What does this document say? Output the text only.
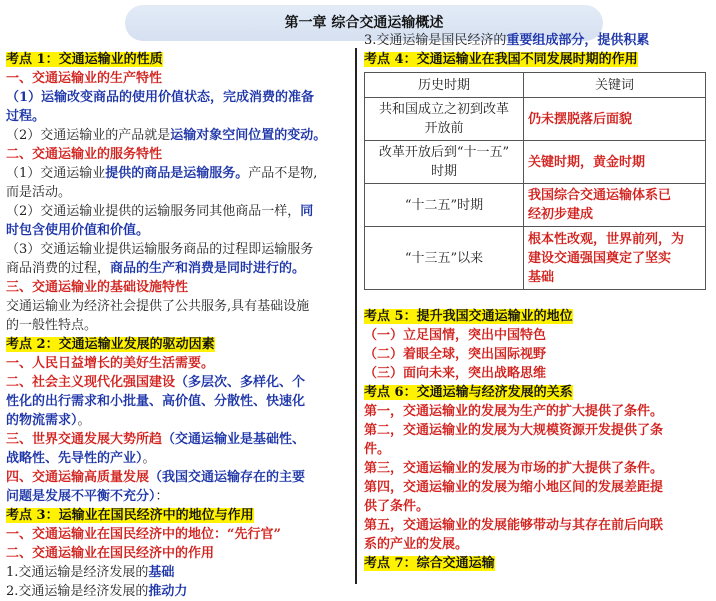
第一章 综合交通运输概述

考点 1：交通运输业的性质

一、交通运输业的生产特性

（1）运输改变商品的使用价值状态，完成消费的准备

过程。

（2）交通运输业的产品就是运输对象空间位置的变动。

二、交通运输业的服务特性

（1）交通运输业提供的商品是运输服务。产品不是物,

而是活动。

（2）交通运输业提供的运输服务同其他商品一样，同

时包含使用价值和价值。

（3）交通运输业提供运输服务商品的过程即运输服务

商品消费的过程，商品的生产和消费是同时进行的。

三、交通运输业的基础设施特性

交通运输业为经济社会提供了公共服务,具有基础设施

的一般性特点。

考点 2：交通运输业发展的驱动因素

一、人民日益增长的美好生活需要。

二、社会主义现代化强国建设（多层次、多样化、个

性化的出行需求和小批量、高价值、分散性、快速化

的物流需求）。

三、世界交通发展大势所趋（交通运输业是基础性、

战略性、先导性的产业）。

四、交通运输高质量发展（我国交通运输存在的主要

问题是发展不平衡不充分）：

考点 3：运输业在国民经济中的地位与作用

一、交通运输业在国民经济中的地位：“先行官”

二、交通运输业在国民经济中的作用

1.交通运输是经济发展的基础

2.交通运输是经济发展的推动力

3.交通运输是国民经济的重要组成部分，提供积累

考点 4：交通运输业在我国不同发展时期的作用

历史时期	关键词

共和国成立之初到改革
开放前	仍未摆脱落后面貌

改革开放后到“十一五”
时期	关键时期，黄金时期

“十二五”时期	我国综合交通运输体系已
经初步建成

“十三五”以来	根本性改观，世界前列，为
建设交通强国奠定了坚实
基础

考点 5：提升我国交通运输业的地位

（一）立足国情，突出中国特色

（二）着眼全球，突出国际视野

（三）面向未来，突出战略思维

考点 6：交通运输与经济发展的关系

第一，交通运输业的发展为生产的扩大提供了条件。

第二，交通运输业的发展为大规模资源开发提供了条

件。

第三，交通运输业的发展为市场的扩大提供了条件。

第四，交通运输业的发展为缩小地区间的发展差距提

供了条件。

第五，交通运输业的发展能够带动与其存在前后向联

系的产业的发展。

考点 7：综合交通运输
